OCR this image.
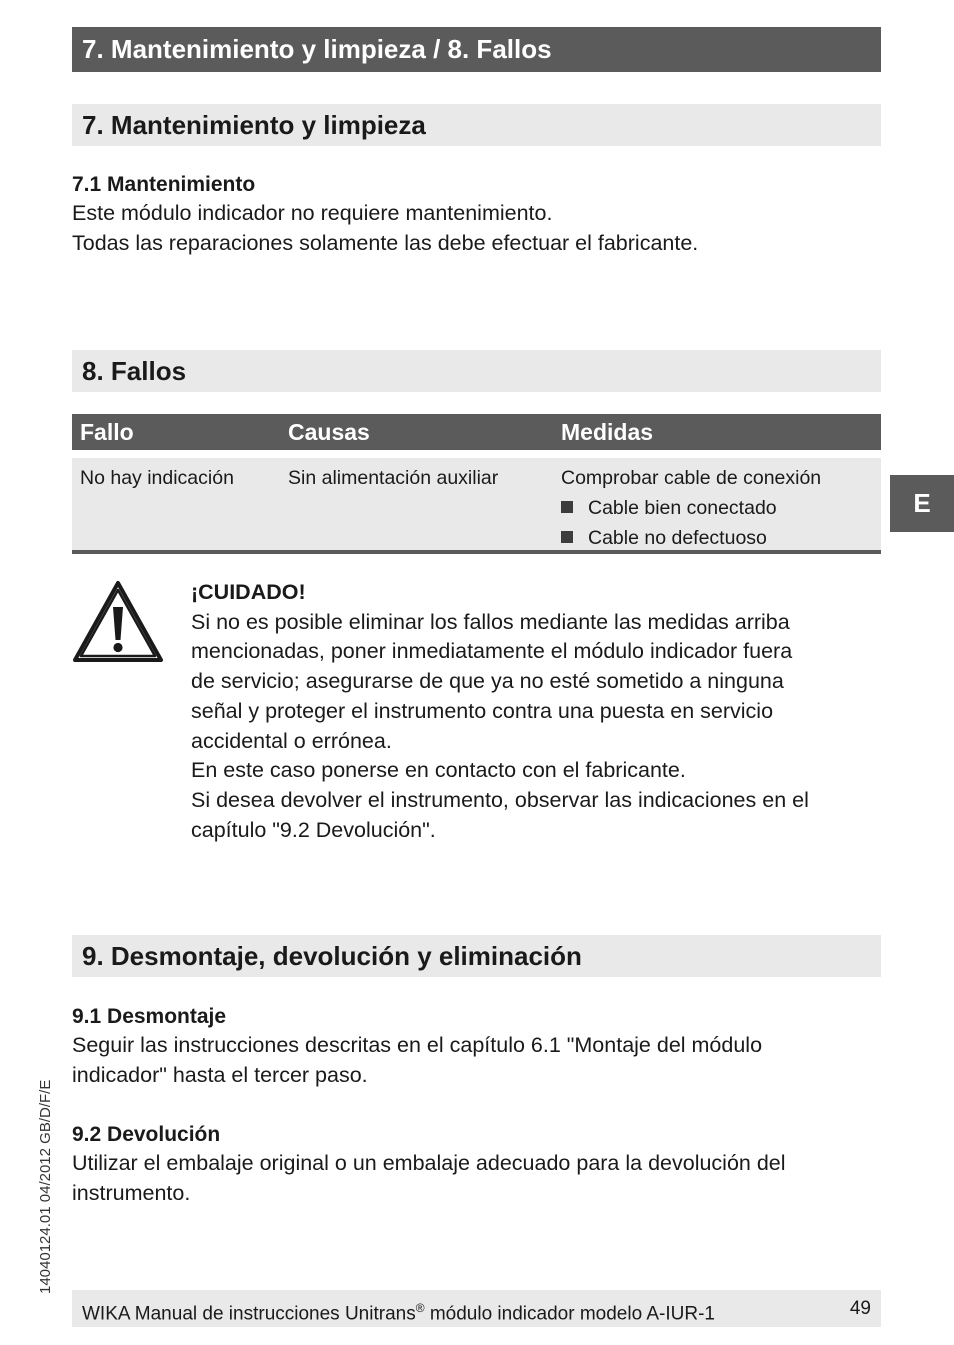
7. Mantenimiento y limpieza / 8. Fallos
7. Mantenimiento y limpieza
7.1 Mantenimiento
Este módulo indicador no requiere mantenimiento.
Todas las reparaciones solamente las debe efectuar el fabricante.
8. Fallos
Fallo	Causas	Medidas
No hay indicación	Sin alimentación auxiliar	Comprobar cable de conexión
Cable bien conectado
Cable no defectuoso
E
¡CUIDADO!
Si no es posible eliminar los fallos mediante las medidas arriba
mencionadas, poner inmediatamente el módulo indicador fuera
de servicio; asegurarse de que ya no esté sometido a ninguna
señal y proteger el instrumento contra una puesta en servicio
accidental o errónea.
En este caso ponerse en contacto con el fabricante.
Si desea devolver el instrumento, observar las indicaciones en el
capítulo "9.2 Devolución".
9. Desmontaje, devolución y eliminación
9.1 Desmontaje
Seguir las instrucciones descritas en el capítulo 6.1 "Montaje del módulo
indicador" hasta el tercer paso.
9.2 Devolución
Utilizar el embalaje original o un embalaje adecuado para la devolución del
instrumento.
14040124.01 04/2012 GB/D/F/E
WIKA Manual de instrucciones Unitrans® módulo indicador modelo A-IUR-1	49
